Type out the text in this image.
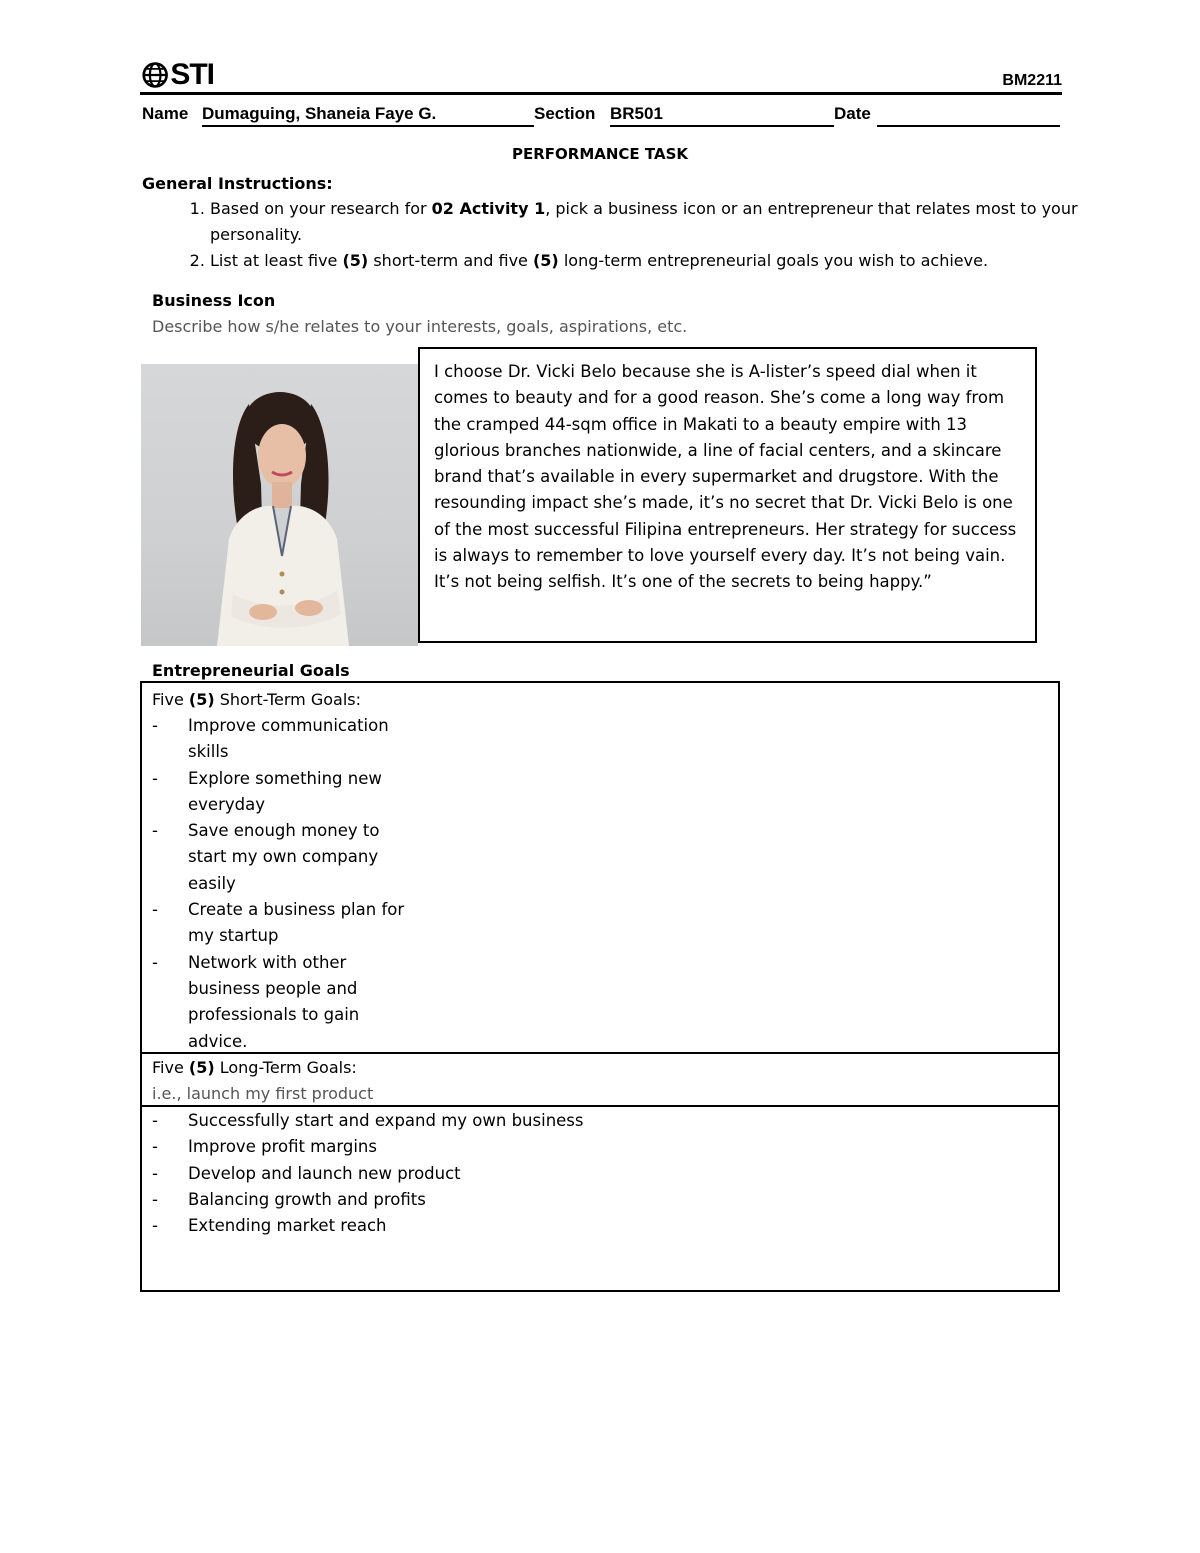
STI	BM2211
Name Dumaguing, Shaneia Faye G.	Section BR501	Date
PERFORMANCE TASK
General Instructions:
1. Based on your research for 02 Activity 1, pick a business icon or an entrepreneur that relates most to your personality.
2. List at least five (5) short-term and five (5) long-term entrepreneurial goals you wish to achieve.
Business Icon
Describe how s/he relates to your interests, goals, aspirations, etc.
I choose Dr. Vicki Belo because she is A-lister’s speed dial when it comes to beauty and for a good reason. She’s come a long way from the cramped 44-sqm office in Makati to a beauty empire with 13 glorious branches nationwide, a line of facial centers, and a skincare brand that’s available in every supermarket and drugstore. With the resounding impact she’s made, it’s no secret that Dr. Vicki Belo is one of the most successful Filipina entrepreneurs. Her strategy for success is always to remember to love yourself every day. It’s not being vain. It’s not being selfish. It’s one of the secrets to being happy.”
Entrepreneurial Goals
Five (5) Short-Term Goals:
- Improve communication skills
- Explore something new everyday
- Save enough money to start my own company easily
- Create a business plan for my startup
- Network with other business people and professionals to gain advice.
Five (5) Long-Term Goals:
i.e., launch my first product
- Successfully start and expand my own business
- Improve profit margins
- Develop and launch new product
- Balancing growth and profits
- Extending market reach
